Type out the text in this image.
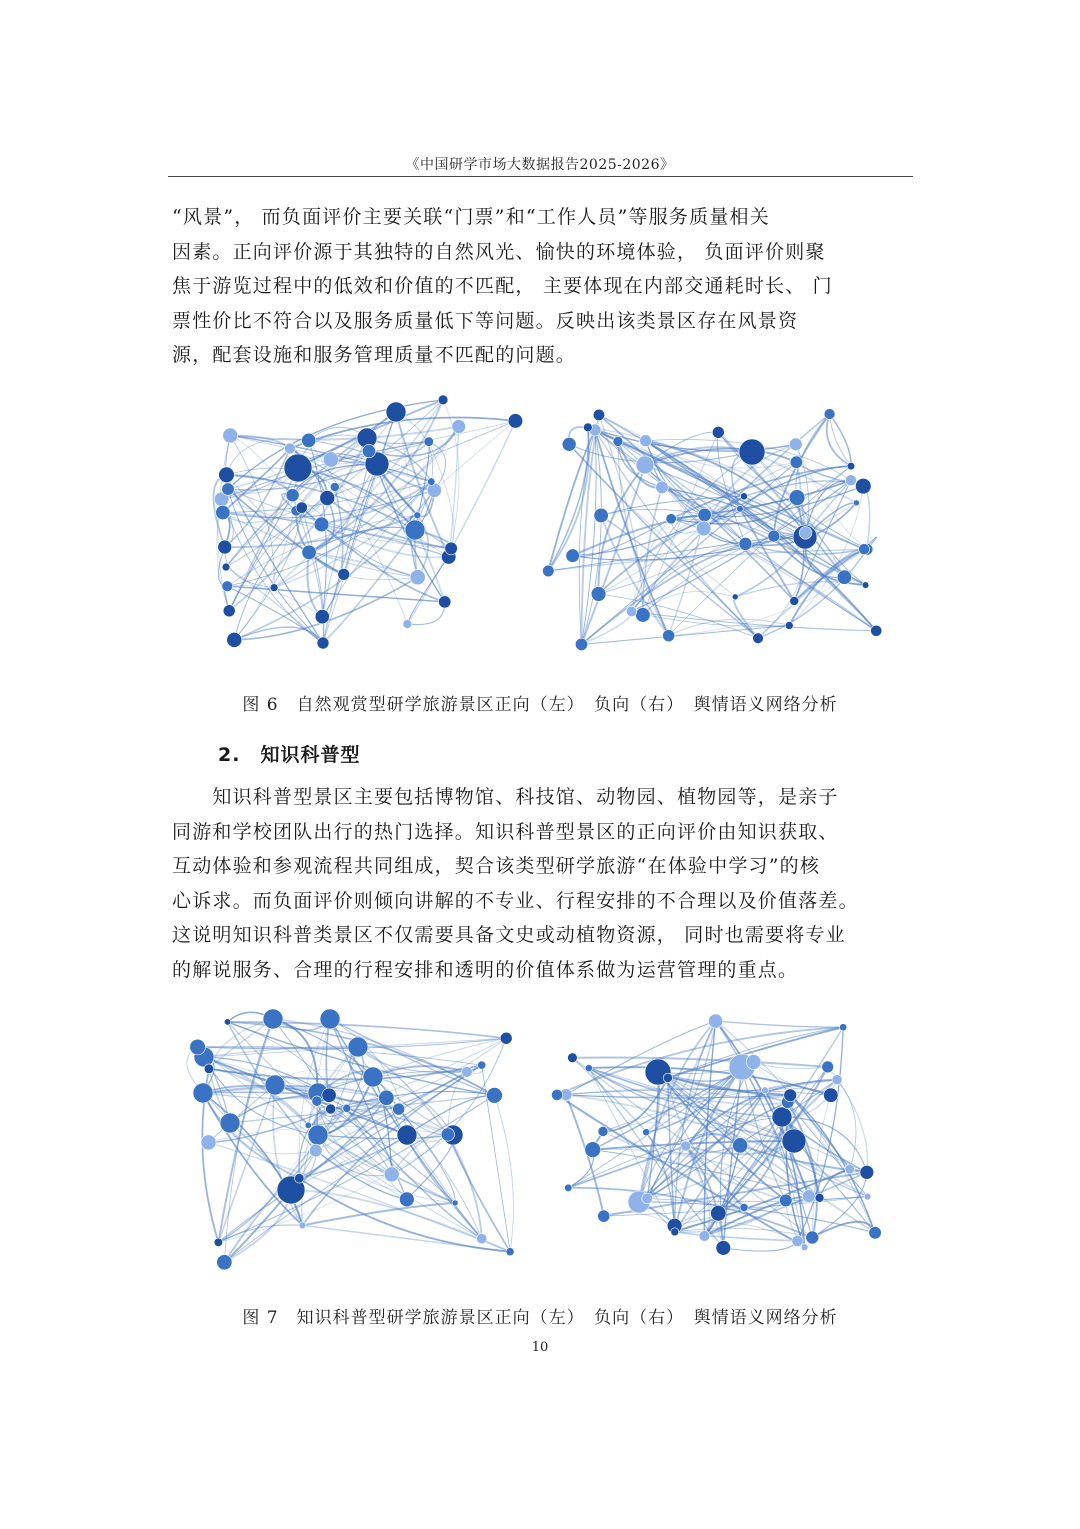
《中国研学市场大数据报告2025-2026》
“风景”， 而负面评价主要关联“门票”和“工作人员”等服务质量相关
因素。正向评价源于其独特的自然风光、愉快的环境体验， 负面评价则聚
焦于游览过程中的低效和价值的不匹配， 主要体现在内部交通耗时长、 门
票性价比不符合以及服务质量低下等问题。反映出该类景区存在风景资
源，配套设施和服务管理质量不匹配的问题。
图 6　自然观赏型研学旅游景区正向（左）　负向（右）　舆情语义网络分析
2.　知识科普型
　　知识科普型景区主要包括博物馆、科技馆、动物园、植物园等，是亲子
同游和学校团队出行的热门选择。知识科普型景区的正向评价由知识获取、
互动体验和参观流程共同组成，契合该类型研学旅游“在体验中学习”的核
心诉求。而负面评价则倾向讲解的不专业、行程安排的不合理以及价值落差。
这说明知识科普类景区不仅需要具备文史或动植物资源， 同时也需要将专业
的解说服务、合理的行程安排和透明的价值体系做为运营管理的重点。
图 7　知识科普型研学旅游景区正向（左）　负向（右）　舆情语义网络分析
10
